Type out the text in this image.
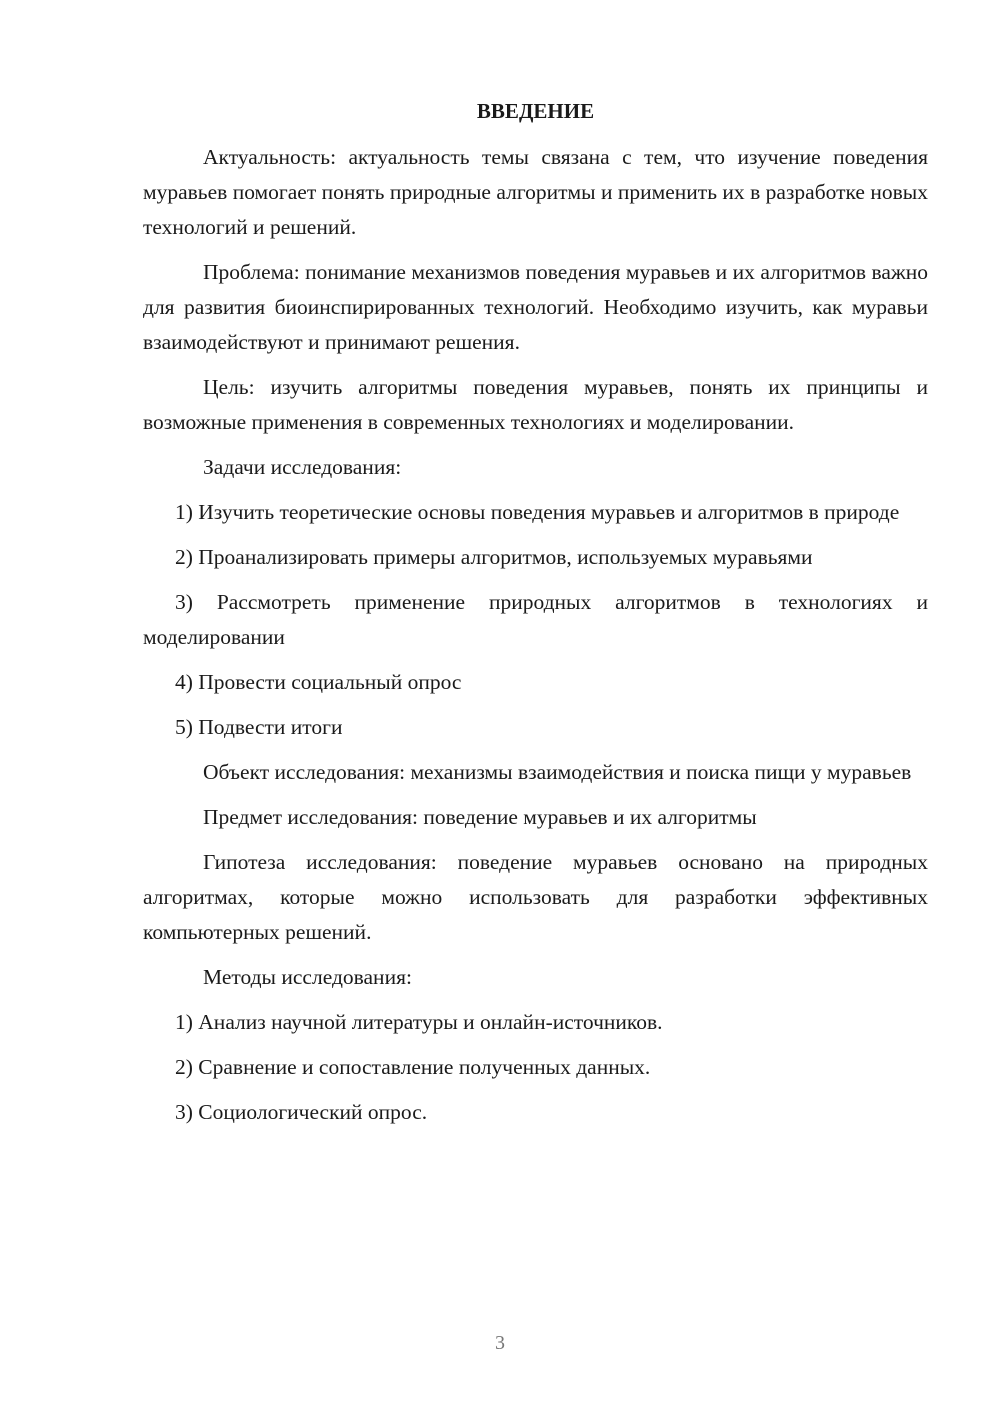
ВВЕДЕНИЕ

Актуальность: актуальность темы связана с тем, что изучение поведения муравьев помогает понять природные алгоритмы и применить их в разработке новых технологий и решений.

Проблема: понимание механизмов поведения муравьев и их алгоритмов важно для развития биоинспирированных технологий. Необходимо изучить, как муравьи взаимодействуют и принимают решения.

Цель: изучить алгоритмы поведения муравьев, понять их принципы и возможные применения в современных технологиях и моделировании.

Задачи исследования:

1) Изучить теоретические основы поведения муравьев и алгоритмов в природе

2) Проанализировать примеры алгоритмов, используемых муравьями

3) Рассмотреть применение природных алгоритмов в технологиях и моделировании

4) Провести социальный опрос

5) Подвести итоги

Объект исследования: механизмы взаимодействия и поиска пищи у муравьев

Предмет исследования: поведение муравьев и их алгоритмы

Гипотеза исследования: поведение муравьев основано на природных алгоритмах, которые можно использовать для разработки эффективных компьютерных решений.

Методы исследования:

1) Анализ научной литературы и онлайн-источников.

2) Сравнение и сопоставление полученных данных.

3) Социологический опрос.

3
